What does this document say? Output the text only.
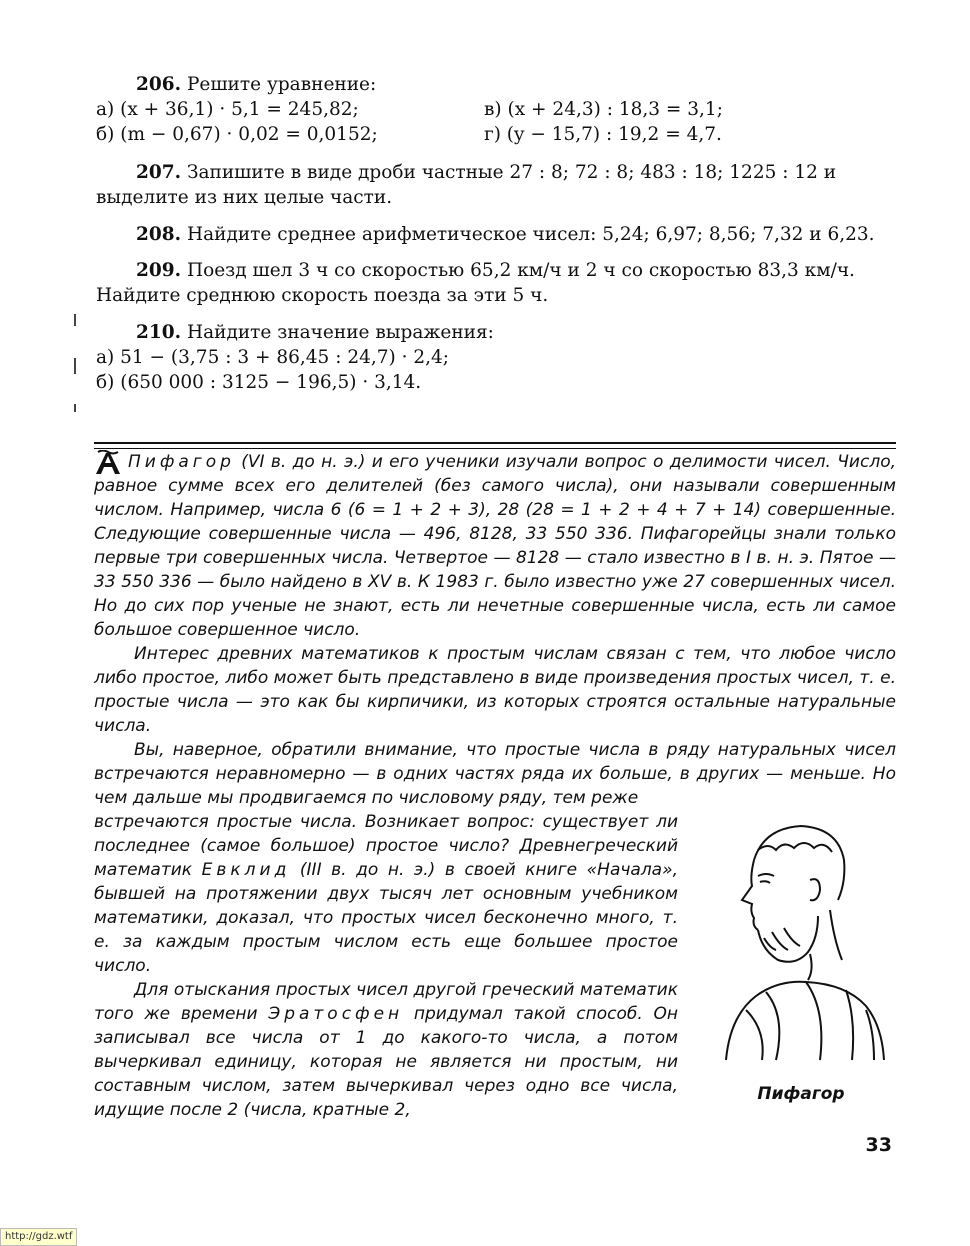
206. Решите уравнение:
а) (x + 36,1) · 5,1 = 245,82;	в) (x + 24,3) : 18,3 = 3,1;
б) (m − 0,67) · 0,02 = 0,0152;	г) (y − 15,7) : 19,2 = 4,7.
207. Запишите в виде дроби частные 27 : 8; 72 : 8; 483 : 18; 1225 : 12 и
выделите из них целые части.
208. Найдите среднее арифметическое чисел: 5,24; 6,97; 8,56; 7,32 и 6,23.
209. Поезд шел 3 ч со скоростью 65,2 км/ч и 2 ч со скоростью 83,3 км/ч.
Найдите среднюю скорость поезда за эти 5 ч.
210. Найдите значение выражения:
а) 51 − (3,75 : 3 + 86,45 : 24,7) · 2,4;
б) (650 000 : 3125 − 196,5) · 3,14.

Пифагор (VI в. до н. э.) и его ученики изучали вопрос о делимости чисел. Число, равное сумме всех его делителей (без самого числа), они называли совершенным числом. Например, числа 6 (6 = 1 + 2 + 3), 28 (28 = 1 + 2 + 4 + 7 + 14) совершенные. Следующие совершенные числа — 496, 8128, 33 550 336. Пифагорейцы знали только первые три совершенных числа. Четвертое — 8128 — стало известно в I в. н. э. Пятое — 33 550 336 — было найдено в XV в. К 1983 г. было известно уже 27 совершенных чисел. Но до сих пор ученые не знают, есть ли нечетные совершенные числа, есть ли самое большое совершенное число.

Интерес древних математиков к простым числам связан с тем, что любое число либо простое, либо может быть представлено в виде произведения простых чисел, т. е. простые числа — это как бы кирпичики, из которых строятся остальные натуральные числа.

Вы, наверное, обратили внимание, что простые числа в ряду натуральных чисел встречаются неравномерно — в одних частях ряда их больше, в других — меньше. Но чем дальше мы продвигаемся по числовому ряду, тем реже

встречаются простые числа. Возникает вопрос: существует ли последнее (самое большое) простое число? Древнегреческий математик Евклид (III в. до н. э.) в своей книге «Начала», бывшей на протяжении двух тысяч лет основным учебником математики, доказал, что простых чисел бесконечно много, т. е. за каждым простым числом есть еще большее простое число.

Для отыскания простых чисел другой греческий математик того же времени Эратосфен придумал такой способ. Он записывал все числа от 1 до какого-то числа, а потом вычеркивал единицу, которая не является ни простым, ни составным числом, затем вычеркивал через одно все числа, идущие после 2 (числа, кратные 2,

Пифагор
33
http://gdz.wtf
